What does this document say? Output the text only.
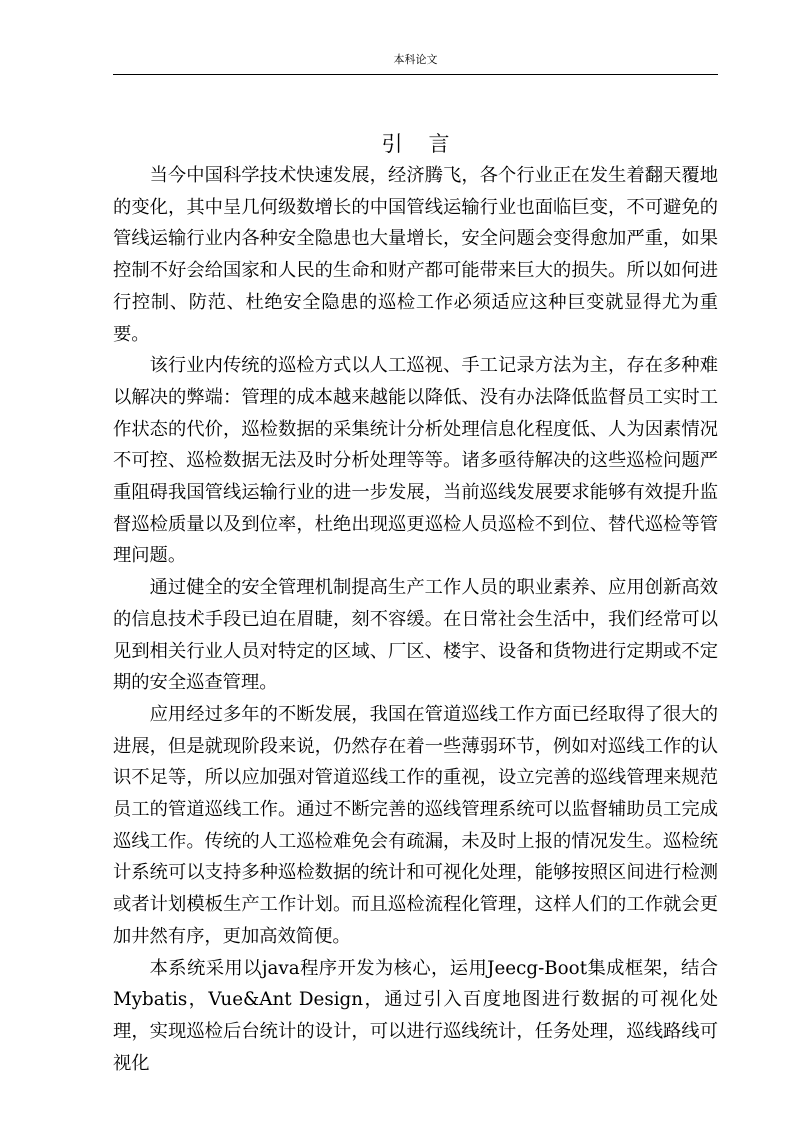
本科论文
引言

当今中国科学技术快速发展，经济腾飞，各个行业正在发生着翻天覆地的变化，其中呈几何级数增长的中国管线运输行业也面临巨变，不可避免的管线运输行业内各种安全隐患也大量增长，安全问题会变得愈加严重，如果控制不好会给国家和人民的生命和财产都可能带来巨大的损失。所以如何进行控制、防范、杜绝安全隐患的巡检工作必须适应这种巨变就显得尤为重要。

该行业内传统的巡检方式以人工巡视、手工记录方法为主，存在多种难以解决的弊端：管理的成本越来越能以降低、没有办法降低监督员工实时工作状态的代价，巡检数据的采集统计分析处理信息化程度低、人为因素情况不可控、巡检数据无法及时分析处理等等。诸多亟待解决的这些巡检问题严重阻碍我国管线运输行业的进一步发展，当前巡线发展要求能够有效提升监督巡检质量以及到位率，杜绝出现巡更巡检人员巡检不到位、替代巡检等管理问题。

通过健全的安全管理机制提高生产工作人员的职业素养、应用创新高效的信息技术手段已迫在眉睫，刻不容缓。在日常社会生活中，我们经常可以见到相关行业人员对特定的区域、厂区、楼宇、设备和货物进行定期或不定期的安全巡查管理。

应用经过多年的不断发展，我国在管道巡线工作方面已经取得了很大的进展，但是就现阶段来说，仍然存在着一些薄弱环节，例如对巡线工作的认识不足等，所以应加强对管道巡线工作的重视，设立完善的巡线管理来规范员工的管道巡线工作。通过不断完善的巡线管理系统可以监督辅助员工完成巡线工作。传统的人工巡检难免会有疏漏，未及时上报的情况发生。巡检统计系统可以支持多种巡检数据的统计和可视化处理，能够按照区间进行检测或者计划模板生产工作计划。而且巡检流程化管理，这样人们的工作就会更加井然有序，更加高效简便。

本系统采用以java程序开发为核心，运用Jeecg-Boot集成框架，结合Mybatis，Vue&Ant Design，通过引入百度地图进行数据的可视化处理，实现巡检后台统计的设计，可以进行巡线统计，任务处理，巡线路线可视化
